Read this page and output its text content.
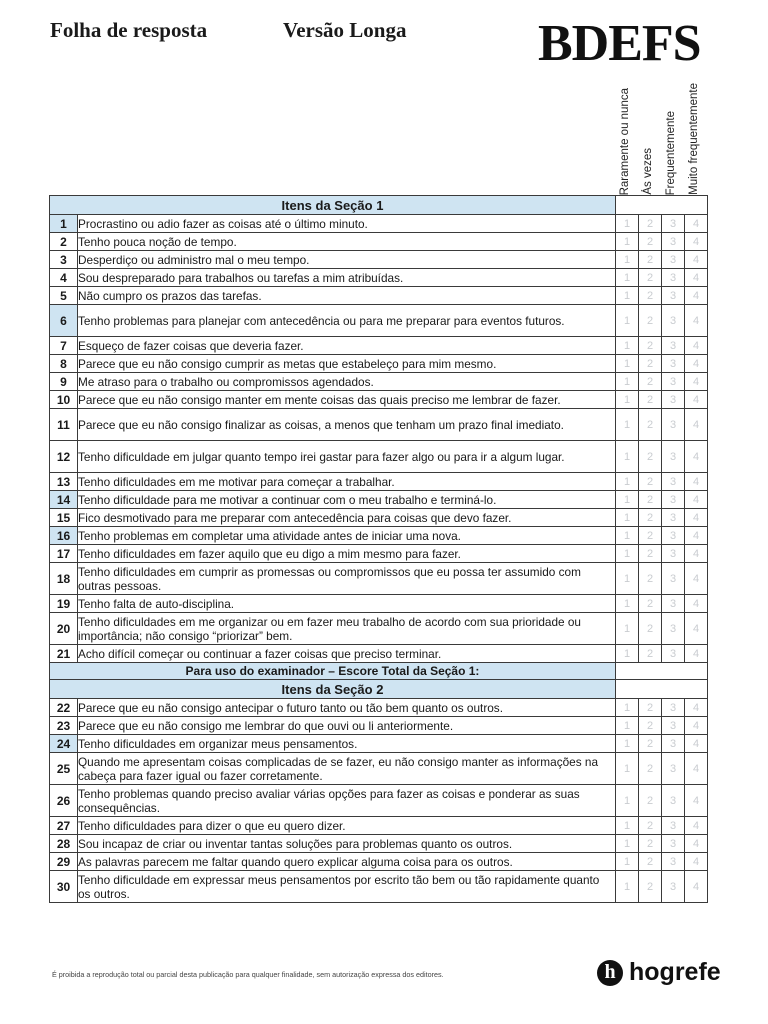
Folha de resposta	Versão Longa	BDEFS
Raramente ou nunca Às vezes Frequentemente Muito frequentemente
Itens da Seção 1					
1	Procrastino ou adio fazer as coisas até o último minuto.	1	2	3	4
2	Tenho pouca noção de tempo.	1	2	3	4
3	Desperdiço ou administro mal o meu tempo.	1	2	3	4
4	Sou despreparado para trabalhos ou tarefas a mim atribuídas.	1	2	3	4
5	Não cumpro os prazos das tarefas.	1	2	3	4
6	Tenho problemas para planejar com antecedência ou para me preparar para eventos futuros.	1	2	3	4
7	Esqueço de fazer coisas que deveria fazer.	1	2	3	4
8	Parece que eu não consigo cumprir as metas que estabeleço para mim mesmo.	1	2	3	4
9	Me atraso para o trabalho ou compromissos agendados.	1	2	3	4
10	Parece que eu não consigo manter em mente coisas das quais preciso me lembrar de fazer.	1	2	3	4
11	Parece que eu não consigo finalizar as coisas, a menos que tenham um prazo final imediato.	1	2	3	4
12	Tenho dificuldade em julgar quanto tempo irei gastar para fazer algo ou para ir a algum lugar.	1	2	3	4
13	Tenho dificuldades em me motivar para começar a trabalhar.	1	2	3	4
14	Tenho dificuldade para me motivar a continuar com o meu trabalho e terminá-lo.	1	2	3	4
15	Fico desmotivado para me preparar com antecedência para coisas que devo fazer.	1	2	3	4
16	Tenho problemas em completar uma atividade antes de iniciar uma nova.	1	2	3	4
17	Tenho dificuldades em fazer aquilo que eu digo a mim mesmo para fazer.	1	2	3	4
18	Tenho dificuldades em cumprir as promessas ou compromissos que eu possa ter assumido com outras pessoas.	1	2	3	4
19	Tenho falta de auto-disciplina.	1	2	3	4
20	Tenho dificuldades em me organizar ou em fazer meu trabalho de acordo com sua prioridade ou importância; não consigo “priorizar” bem.	1	2	3	4
21	Acho difícil começar ou continuar a fazer coisas que preciso terminar.	1	2	3	4
Para uso do examinador – Escore Total da Seção 1:					
Itens da Seção 2					
22	Parece que eu não consigo antecipar o futuro tanto ou tão bem quanto os outros.	1	2	3	4
23	Parece que eu não consigo me lembrar do que ouvi ou li anteriormente.	1	2	3	4
24	Tenho dificuldades em organizar meus pensamentos.	1	2	3	4
25	Quando me apresentam coisas complicadas de se fazer, eu não consigo manter as informações na cabeça para fazer igual ou fazer corretamente.	1	2	3	4
26	Tenho problemas quando preciso avaliar várias opções para fazer as coisas e ponderar as suas consequências.	1	2	3	4
27	Tenho dificuldades para dizer o que eu quero dizer.	1	2	3	4
28	Sou incapaz de criar ou inventar tantas soluções para problemas quanto os outros.	1	2	3	4
29	As palavras parecem me faltar quando quero explicar alguma coisa para os outros.	1	2	3	4
30	Tenho dificuldade em expressar meus pensamentos por escrito tão bem ou tão rapidamente quanto os outros.	1	2	3	4
É proibida a reprodução total ou parcial desta publicação para qualquer finalidade, sem autorização expressa dos editores.	h hogrefe
